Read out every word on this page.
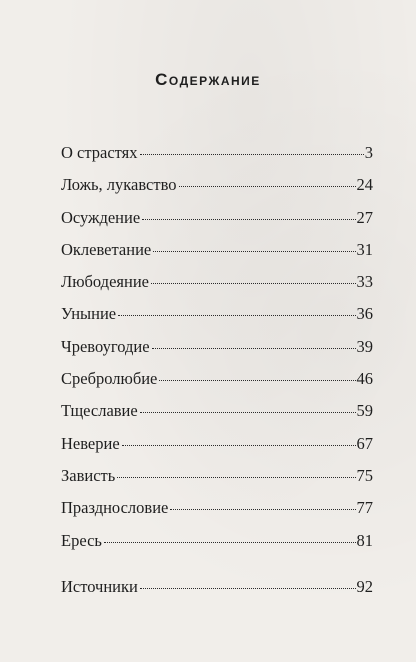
Содержание
О страстях	3
Ложь, лукавство	24
Осуждение	27
Оклеветание	31
Любодеяние	33
Уныние	36
Чревоугодие	39
Сребролюбие	46
Тщеславие	59
Неверие	67
Зависть	75
Празднословие	77
Ересь	81
Источники	92
